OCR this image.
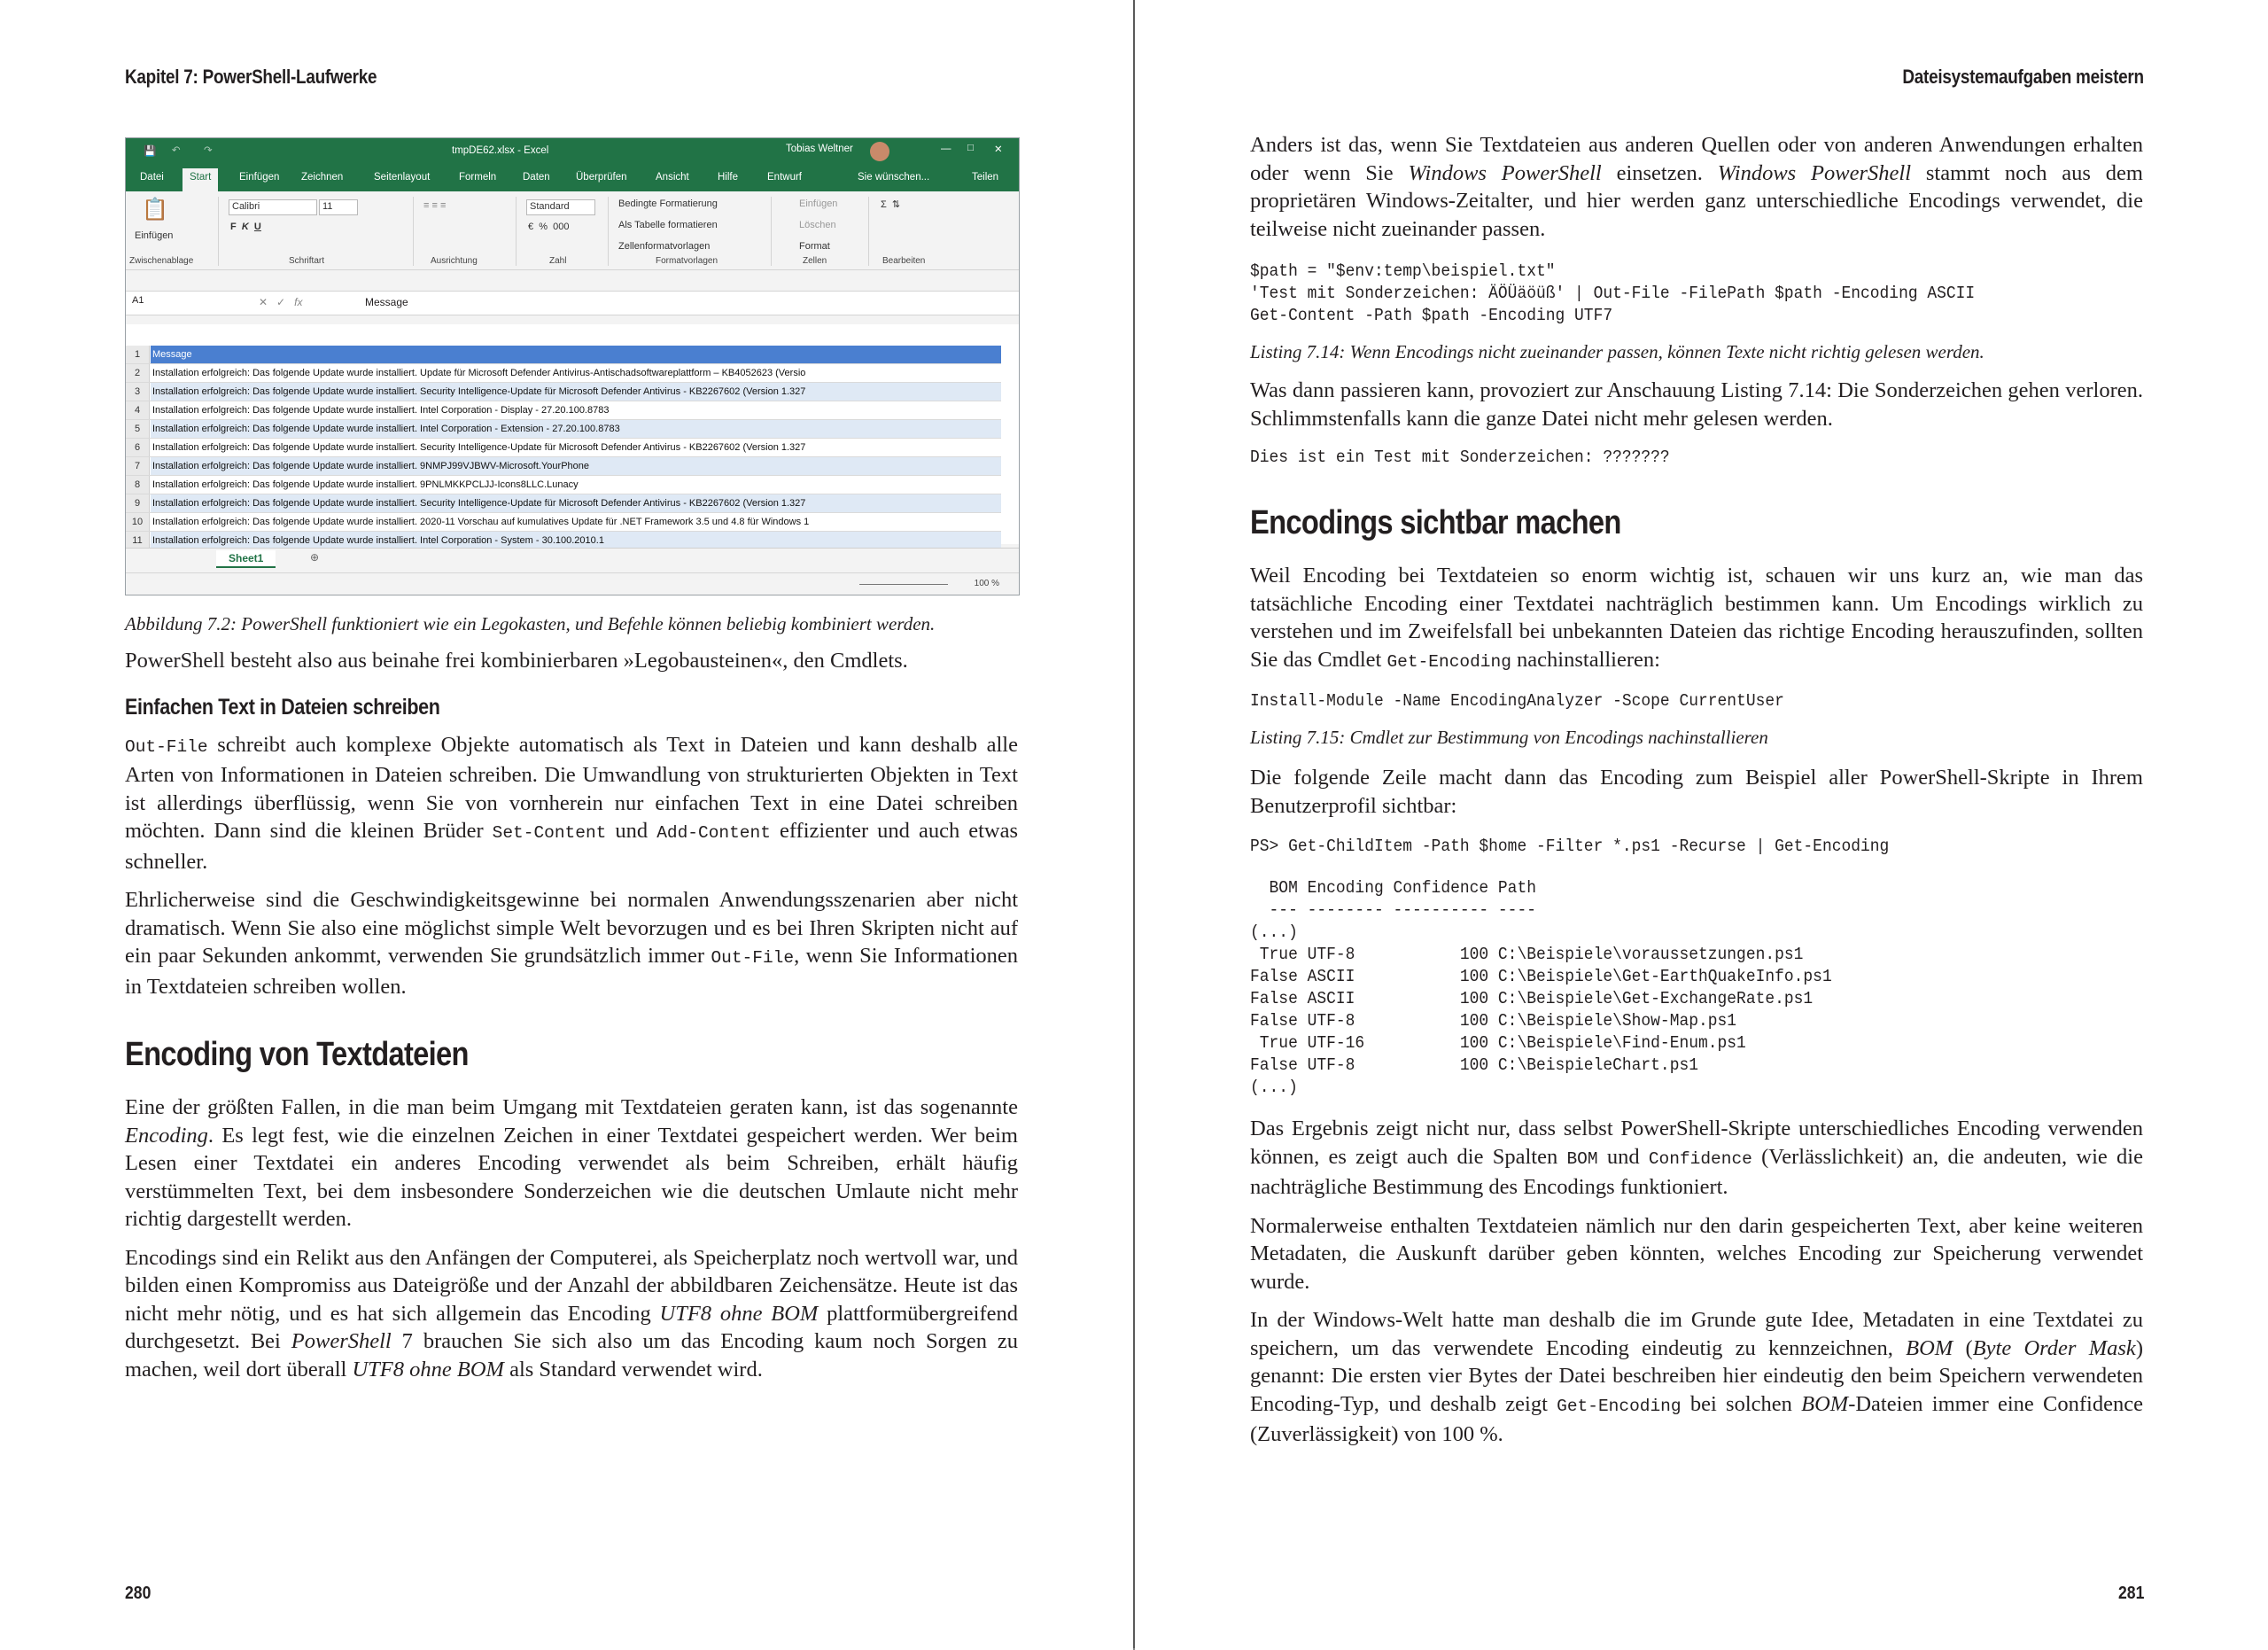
Kapitel 7: PowerShell-Laufwerke
💾 ↶ ↷	tmpDE62.xlsx - Excel	Tobias Weltner	— □ ✕
Datei	Start	Einfügen Zeichnen	Seitenlayout	Formeln	Daten	Überprüfen	Ansicht	Hilfe	Entwurf	Sie wünschen...	Teilen
📋
Einfügen
Calibri	11
F  K U
≡ ≡ ≡	Standard
€  %  000
Bedingte Formatierung
Als Tabelle formatieren
Zellenformatvorlagen
Einfügen
Löschen
Format
Σ  ⇅
Zwischenablage	Schriftart	Ausrichtung	Zahl	Formatvorlagen	Zellen	Bearbeiten
A1	✕   ✓   fx	Message
1	Message
2	Installation erfolgreich: Das folgende Update wurde installiert. Update für Microsoft Defender Antivirus-Antischadsoftwareplattform – KB4052623 (Versio
3	Installation erfolgreich: Das folgende Update wurde installiert. Security Intelligence-Update für Microsoft Defender Antivirus - KB2267602 (Version 1.327
4	Installation erfolgreich: Das folgende Update wurde installiert. Intel Corporation - Display - 27.20.100.8783
5	Installation erfolgreich: Das folgende Update wurde installiert. Intel Corporation - Extension - 27.20.100.8783
6	Installation erfolgreich: Das folgende Update wurde installiert. Security Intelligence-Update für Microsoft Defender Antivirus - KB2267602 (Version 1.327
7	Installation erfolgreich: Das folgende Update wurde installiert. 9NMPJ99VJBWV-Microsoft.YourPhone
8	Installation erfolgreich: Das folgende Update wurde installiert. 9PNLMKKPCLJJ-Icons8LLC.Lunacy
9	Installation erfolgreich: Das folgende Update wurde installiert. Security Intelligence-Update für Microsoft Defender Antivirus - KB2267602 (Version 1.327
10 Installation erfolgreich: Das folgende Update wurde installiert. 2020-11 Vorschau auf kumulatives Update für .NET Framework 3.5 und 4.8 für Windows 1
11	Installation erfolgreich: Das folgende Update wurde installiert. Intel Corporation - System - 30.100.2010.1
Sheet1	⊕
100 %

Abbildung 7.2: PowerShell funktioniert wie ein Legokasten, und Befehle können beliebig kombiniert werden.

PowerShell besteht also aus beinahe frei kombinierbaren »Legobausteinen«, den Cmdlets.

Einfachen Text in Dateien schreiben

Out-File schreibt auch komplexe Objekte automatisch als Text in Dateien und kann deshalb alle Arten von Informationen in Dateien schreiben. Die Umwandlung von strukturierten Objekten in Text ist allerdings überflüssig, wenn Sie von vornherein nur einfachen Text in eine Datei schreiben möchten. Dann sind die kleinen Brüder Set-Content und Add-Content effizienter und auch etwas schneller.

Ehrlicherweise sind die Geschwindigkeitsgewinne bei normalen Anwendungsszenarien aber nicht dramatisch. Wenn Sie also eine möglichst simple Welt bevorzugen und es bei Ihren Skripten nicht auf ein paar Sekunden ankommt, verwenden Sie grundsätzlich immer Out-File, wenn Sie Informationen in Textdateien schreiben wollen.

Encoding von Textdateien

Eine der größten Fallen, in die man beim Umgang mit Textdateien geraten kann, ist das sogenannte Encoding. Es legt fest, wie die einzelnen Zeichen in einer Textdatei gespeichert werden. Wer beim Lesen einer Textdatei ein anderes Encoding verwendet als beim Schreiben, erhält häufig verstümmelten Text, bei dem insbesondere Sonderzeichen wie die deutschen Umlaute nicht mehr richtig dargestellt werden.

Encodings sind ein Relikt aus den Anfängen der Computerei, als Speicherplatz noch wertvoll war, und bilden einen Kompromiss aus Dateigröße und der Anzahl der abbildbaren Zeichensätze. Heute ist das nicht mehr nötig, und es hat sich allgemein das Encoding UTF8 ohne BOM plattformübergreifend durchgesetzt. Bei PowerShell 7 brauchen Sie sich also um das Encoding kaum noch Sorgen zu machen, weil dort überall UTF8 ohne BOM als Standard verwendet wird.

280
Dateisystemaufgaben meistern

Anders ist das, wenn Sie Textdateien aus anderen Quellen oder von anderen Anwendungen erhalten oder wenn Sie Windows PowerShell einsetzen. Windows PowerShell stammt noch aus dem proprietären Windows-Zeitalter, und hier werden ganz unterschiedliche Encodings verwendet, die teilweise nicht zueinander passen.

$path = "$env:temp\beispiel.txt"
'Test mit Sonderzeichen: ÄÖÜäöüß' | Out-File -FilePath $path -Encoding ASCII
Get-Content -Path $path -Encoding UTF7

Listing 7.14: Wenn Encodings nicht zueinander passen, können Texte nicht richtig gelesen werden.

Was dann passieren kann, provoziert zur Anschauung Listing 7.14: Die Sonderzeichen gehen verloren. Schlimmstenfalls kann die ganze Datei nicht mehr gelesen werden.

Dies ist ein Test mit Sonderzeichen: ???????
Encodings sichtbar machen

Weil Encoding bei Textdateien so enorm wichtig ist, schauen wir uns kurz an, wie man das tatsächliche Encoding einer Textdatei nachträglich bestimmen kann. Um Encodings wirklich zu verstehen und im Zweifelsfall bei unbekannten Dateien das richtige Encoding herauszufinden, sollten Sie das Cmdlet Get-Encoding nachinstallieren:

Install-Module -Name EncodingAnalyzer -Scope CurrentUser

Listing 7.15: Cmdlet zur Bestimmung von Encodings nachinstallieren

Die folgende Zeile macht dann das Encoding zum Beispiel aller PowerShell-Skripte in Ihrem Benutzerprofil sichtbar:

PS> Get-ChildItem -Path $home -Filter *.ps1 -Recurse | Get-Encoding
BOM Encoding Confidence Path
--- -------- ---------- ----
(...)
True UTF-8           100 C:\Beispiele\voraussetzungen.ps1
False ASCII           100 C:\Beispiele\Get-EarthQuakeInfo.ps1
False ASCII           100 C:\Beispiele\Get-ExchangeRate.ps1
False UTF-8           100 C:\Beispiele\Show-Map.ps1
True UTF-16          100 C:\Beispiele\Find-Enum.ps1
False UTF-8           100 C:\BeispieleChart.ps1
(...)

Das Ergebnis zeigt nicht nur, dass selbst PowerShell-Skripte unterschiedliches Encoding verwenden können, es zeigt auch die Spalten BOM und Confidence (Verlässlichkeit) an, die andeuten, wie die nachträgliche Bestimmung des Encodings funktioniert.

Normalerweise enthalten Textdateien nämlich nur den darin gespeicherten Text, aber keine weiteren Metadaten, die Auskunft darüber geben könnten, welches Encoding zur Speicherung verwendet wurde.

In der Windows-Welt hatte man deshalb die im Grunde gute Idee, Metadaten in eine Textdatei zu speichern, um das verwendete Encoding eindeutig zu kennzeichnen, BOM (Byte Order Mask) genannt: Die ersten vier Bytes der Datei beschreiben hier eindeutig den beim Speichern verwendeten Encoding-Typ, und deshalb zeigt Get-Encoding bei solchen BOM-Dateien immer eine Confidence (Zuverlässigkeit) von 100 %.

281
